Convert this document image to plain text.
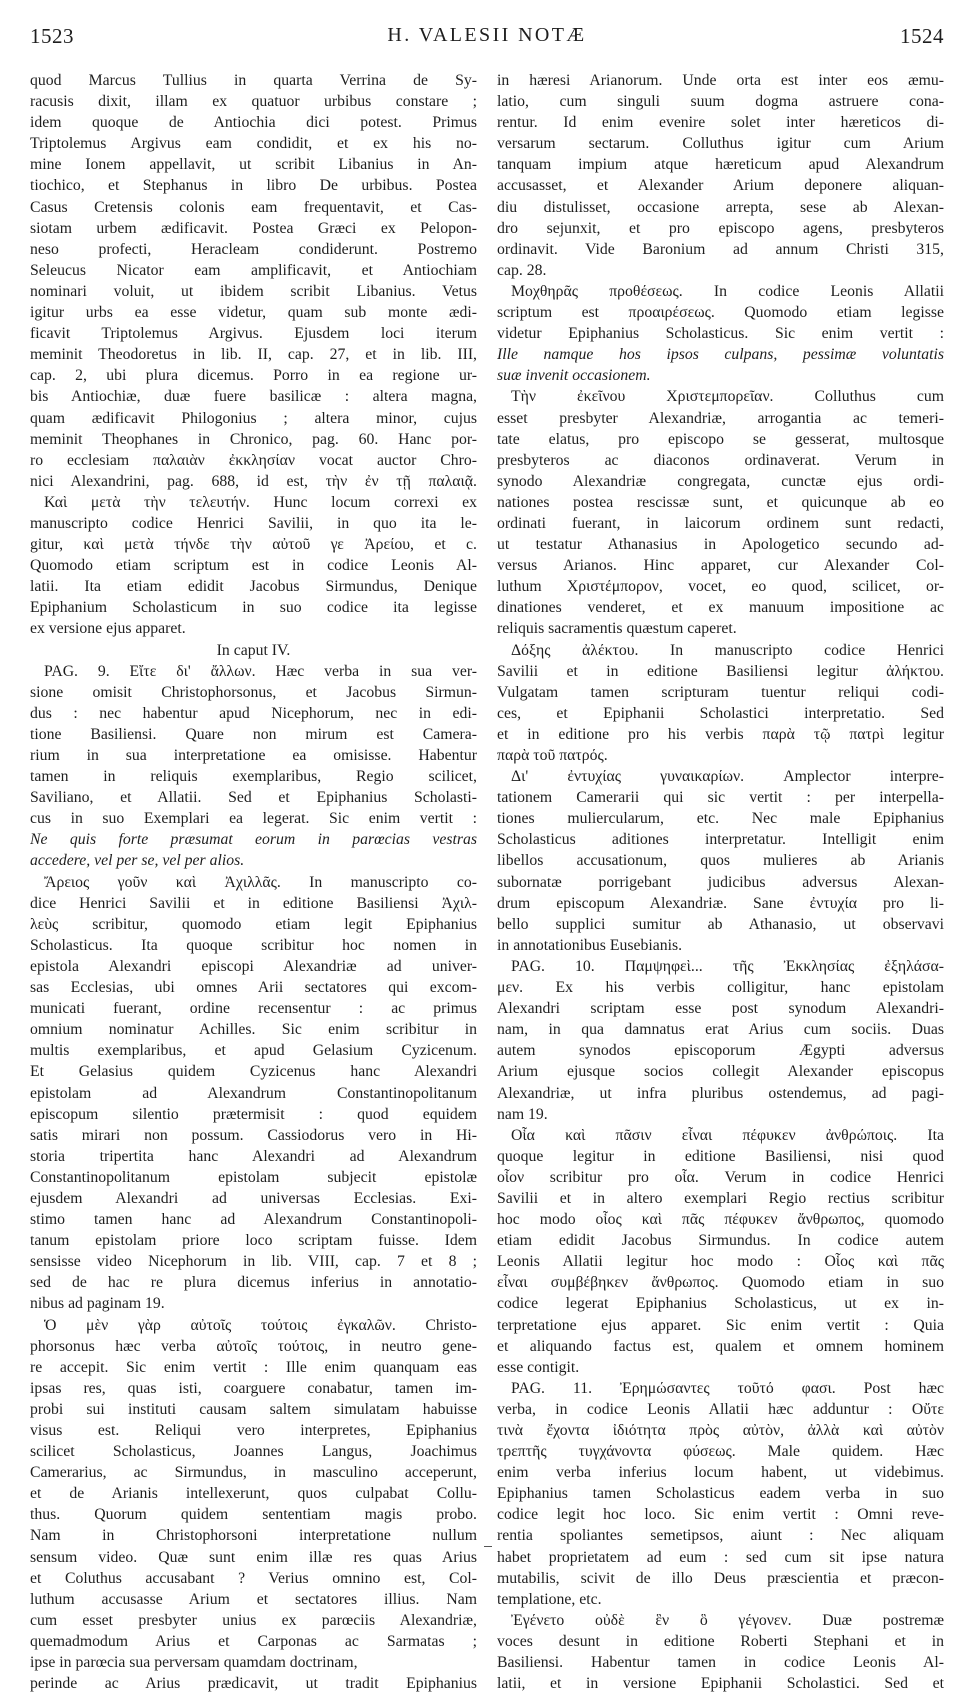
1523	H. VALESII NOTÆ	1524
quod Marcus Tullius in quarta Verrina de Sy-
racusis dixit, illam ex quatuor urbibus constare ;
idem quoque de Antiochia dici potest. Primus
Triptolemus Argivus eam condidit, et ex his no-
mine Ionem appellavit, ut scribit Libanius in An-
tiochico, et Stephanus in libro De urbibus. Postea
Casus Cretensis colonis eam frequentavit, et Cas-
siotam urbem ædificavit. Postea Græci ex Pelopon-
neso profecti, Heracleam condiderunt. Postremo
Seleucus Nicator eam amplificavit, et Antiochiam
nominari voluit, ut ibidem scribit Libanius. Vetus
igitur urbs ea esse videtur, quam sub monte ædi-
ficavit Triptolemus Argivus. Ejusdem loci iterum
meminit Theodoretus in lib. II, cap. 27, et in lib. III,
cap. 2, ubi plura dicemus. Porro in ea regione ur-
bis Antiochiæ, duæ fuere basilicæ : altera magna,
quam ædificavit Philogonius ; altera minor, cujus
meminit Theophanes in Chronico, pag. 60. Hanc por-
ro ecclesiam παλαιὰν ἐκκλησίαν vocat auctor Chro-
nici Alexandrini, pag. 688, id est, τὴν ἐν τῇ παλαιᾷ.
Καὶ μετὰ τὴν τελευτήν. Hunc locum correxi ex
manuscripto codice Henrici Savilii, in quo ita le-
gitur, καὶ μετὰ τήνδε τὴν αὐτοῦ γε Ἀρείου, et c.
Quomodo etiam scriptum est in codice Leonis Al-
latii. Ita etiam edidit Jacobus Sirmundus, Denique
Epiphanium Scholasticum in suo codice ita legisse
ex versione ejus apparet.
In caput IV.
PAG. 9. Εἴτε δι' ἄλλων. Hæc verba in sua ver-
sione omisit Christophorsonus, et Jacobus Sirmun-
dus : nec habentur apud Nicephorum, nec in edi-
tione Basiliensi. Quare non mirum est Camera-
rium in sua interpretatione ea omisisse. Habentur
tamen in reliquis exemplaribus, Regio scilicet,
Saviliano, et Allatii. Sed et Epiphanius Scholasti-
cus in suo Exemplari ea legerat. Sic enim vertit :
Ne quis forte præsumat eorum in parœcias vestras
accedere, vel per se, vel per alios.
Ἄρειος γοῦν καὶ Ἀχιλλᾶς. In manuscripto co-
dice Henrici Savilii et in editione Basiliensi Ἀχιλ-
λεὺς scribitur, quomodo etiam legit Epiphanius
Scholasticus. Ita quoque scribitur hoc nomen in
epistola Alexandri episcopi Alexandriæ ad univer-
sas Ecclesias, ubi omnes Arii sectatores qui excom-
municati fuerant, ordine recensentur : ac primus
omnium nominatur Achilles. Sic enim scribitur in
multis exemplaribus, et apud Gelasium Cyzicenum.
Et Gelasius quidem Cyzicenus hanc Alexandri
epistolam ad Alexandrum Constantinopolitanum
episcopum silentio prætermisit : quod equidem
satis mirari non possum. Cassiodorus vero in Hi-
storia tripertita hanc Alexandri ad Alexandrum
Constantinopolitanum epistolam subjecit epistolæ
ejusdem Alexandri ad universas Ecclesias. Exi-
stimo tamen hanc ad Alexandrum Constantinopoli-
tanum epistolam priore loco scriptam fuisse. Idem
sensisse video Nicephorum in lib. VIII, cap. 7 et 8 ;
sed de hac re plura dicemus inferius in annotatio-
nibus ad paginam 19.
Ὁ μὲν γὰρ αὐτοῖς τούτοις ἐγκαλῶν. Christo-
phorsonus hæc verba αὐτοῖς τούτοις, in neutro gene-
re accepit. Sic enim vertit : Ille enim quanquam eas
ipsas res, quas isti, coarguere conabatur, tamen im-
probi sui instituti causam saltem simulatam habuisse
visus est. Reliqui vero interpretes, Epiphanius
scilicet Scholasticus, Joannes Langus, Joachimus
Camerarius, ac Sirmundus, in masculino acceperunt,
et de Arianis intellexerunt, quos culpabat Collu-
thus. Quorum quidem sententiam magis probo.
Nam in Christophorsoni interpretatione nullum
sensum video. Quæ sunt enim illæ res quas Arius
et Coluthus accusabant ? Verius omnino est, Col-
luthum accusasse Arium et sectatores illius. Nam
cum esset presbyter unius ex parœciis Alexandriæ,
quemadmodum Arius et Carponas ac Sarmatas ;
ipse in parœcia sua perversam quamdam doctrinam,
perinde ac Arius prædicavit, ut tradit Epiphanius
in hæresi Arianorum. Unde orta est inter eos æmu-
latio, cum singuli suum dogma astruere cona-
rentur. Id enim evenire solet inter hæreticos di-
versarum sectarum. Colluthus igitur cum Arium
tanquam impium atque hæreticum apud Alexandrum
accusasset, et Alexander Arium deponere aliquan-
diu distulisset, occasione arrepta, sese ab Alexan-
dro sejunxit, et pro episcopo agens, presbyteros
ordinavit. Vide Baronium ad annum Christi 315,
cap. 28.
Μοχθηρᾶς προθέσεως. In codice Leonis Allatii
scriptum est προαιρέσεως. Quomodo etiam legisse
videtur Epiphanius Scholasticus. Sic enim vertit :
Ille namque hos ipsos culpans, pessimæ voluntatis
suæ invenit occasionem.
Τὴν ἐκεῖνου Χριστεμπορεῖαν. Colluthus cum
esset presbyter Alexandriæ, arrogantia ac temeri-
tate elatus, pro episcopo se gesserat, multosque
presbyteros ac diaconos ordinaverat. Verum in
synodo Alexandriæ congregata, cunctæ ejus ordi-
nationes postea rescissæ sunt, et quicunque ab eo
ordinati fuerant, in laicorum ordinem sunt redacti,
ut testatur Athanasius in Apologetico secundo ad-
versus Arianos. Hinc apparet, cur Alexander Col-
luthum Χριστέμπορον, vocet, eo quod, scilicet, or-
dinationes venderet, et ex manuum impositione ac
reliquis sacramentis quæstum caperet.
Δόξης ἀλέκτου. In manuscripto codice Henrici
Savilii et in editione Basiliensi legitur ἀλήκτου.
Vulgatam tamen scripturam tuentur reliqui codi-
ces, et Epiphanii Scholastici interpretatio. Sed
et in editione pro his verbis παρὰ τῷ πατρὶ legitur
παρὰ τοῦ πατρός.
Δι' ἐντυχίας γυναικαρίων. Amplector interpre-
tationem Camerarii qui sic vertit : per interpella-
tiones muliercularum, etc. Nec male Epiphanius
Scholasticus aditiones interpretatur. Intelligit enim
libellos accusationum, quos mulieres ab Arianis
subornatæ porrigebant judicibus adversus Alexan-
drum episcopum Alexandriæ. Sane ἐντυχία pro li-
bello supplici sumitur ab Athanasio, ut observavi
in annotationibus Eusebianis.
PAG. 10. Παμψηφεὶ... τῆς Ἐκκλησίας ἐξηλάσα-
μεν. Ex his verbis colligitur, hanc epistolam
Alexandri scriptam esse post synodum Alexandri-
nam, in qua damnatus erat Arius cum sociis. Duas
autem synodos episcoporum Ægypti adversus
Arium ejusque socios collegit Alexander episcopus
Alexandriæ, ut infra pluribus ostendemus, ad pagi-
nam 19.
Οἷα καὶ πᾶσιν εἶναι πέφυκεν ἀνθρώποις. Ita
quoque legitur in editione Basiliensi, nisi quod
οἷον scribitur pro οἷα. Verum in codice Henrici
Savilii et in altero exemplari Regio rectius scribitur
hoc modo οἷος καὶ πᾶς πέφυκεν ἄνθρωπος, quomodo
etiam edidit Jacobus Sirmundus. In codice autem
Leonis Allatii legitur hoc modo : Οἷος καὶ πᾶς
εἶναι συμβέβηκεν ἄνθρωπος. Quomodo etiam in suo
codice legerat Epiphanius Scholasticus, ut ex in-
terpretatione ejus apparet. Sic enim vertit : Quia
et aliquando factus est, qualem et omnem hominem
esse contigit.
PAG. 11. Ἐρημώσαντες τοῦτό φασι. Post hæc
verba, in codice Leonis Allatii hæc adduntur : Οὔτε
τινὰ ἔχοντα ἰδιότητα πρὸς αὐτὸν, ἀλλὰ καὶ αὐτὸν
τρεπτῆς τυγχάνοντα φύσεως. Male quidem. Hæc
enim verba inferius locum habent, ut videbimus.
Epiphanius tamen Scholasticus eadem verba in suo
codice legit hoc loco. Sic enim vertit : Omni reve-
rentia spoliantes semetipsos, aiunt : Nec aliquam
habet proprietatem ad eum : sed cum sit ipse natura
mutabilis, scivit de illo Deus præscientia et præcon-
templatione, etc.
Ἐγένετο οὐδὲ ἓν ὃ γέγονεν. Duæ postremæ
voces desunt in editione Roberti Stephani et in
Basiliensi. Habentur tamen in codice Leonis Al-
latii, et in versione Epiphanii Scholastici. Sed et
